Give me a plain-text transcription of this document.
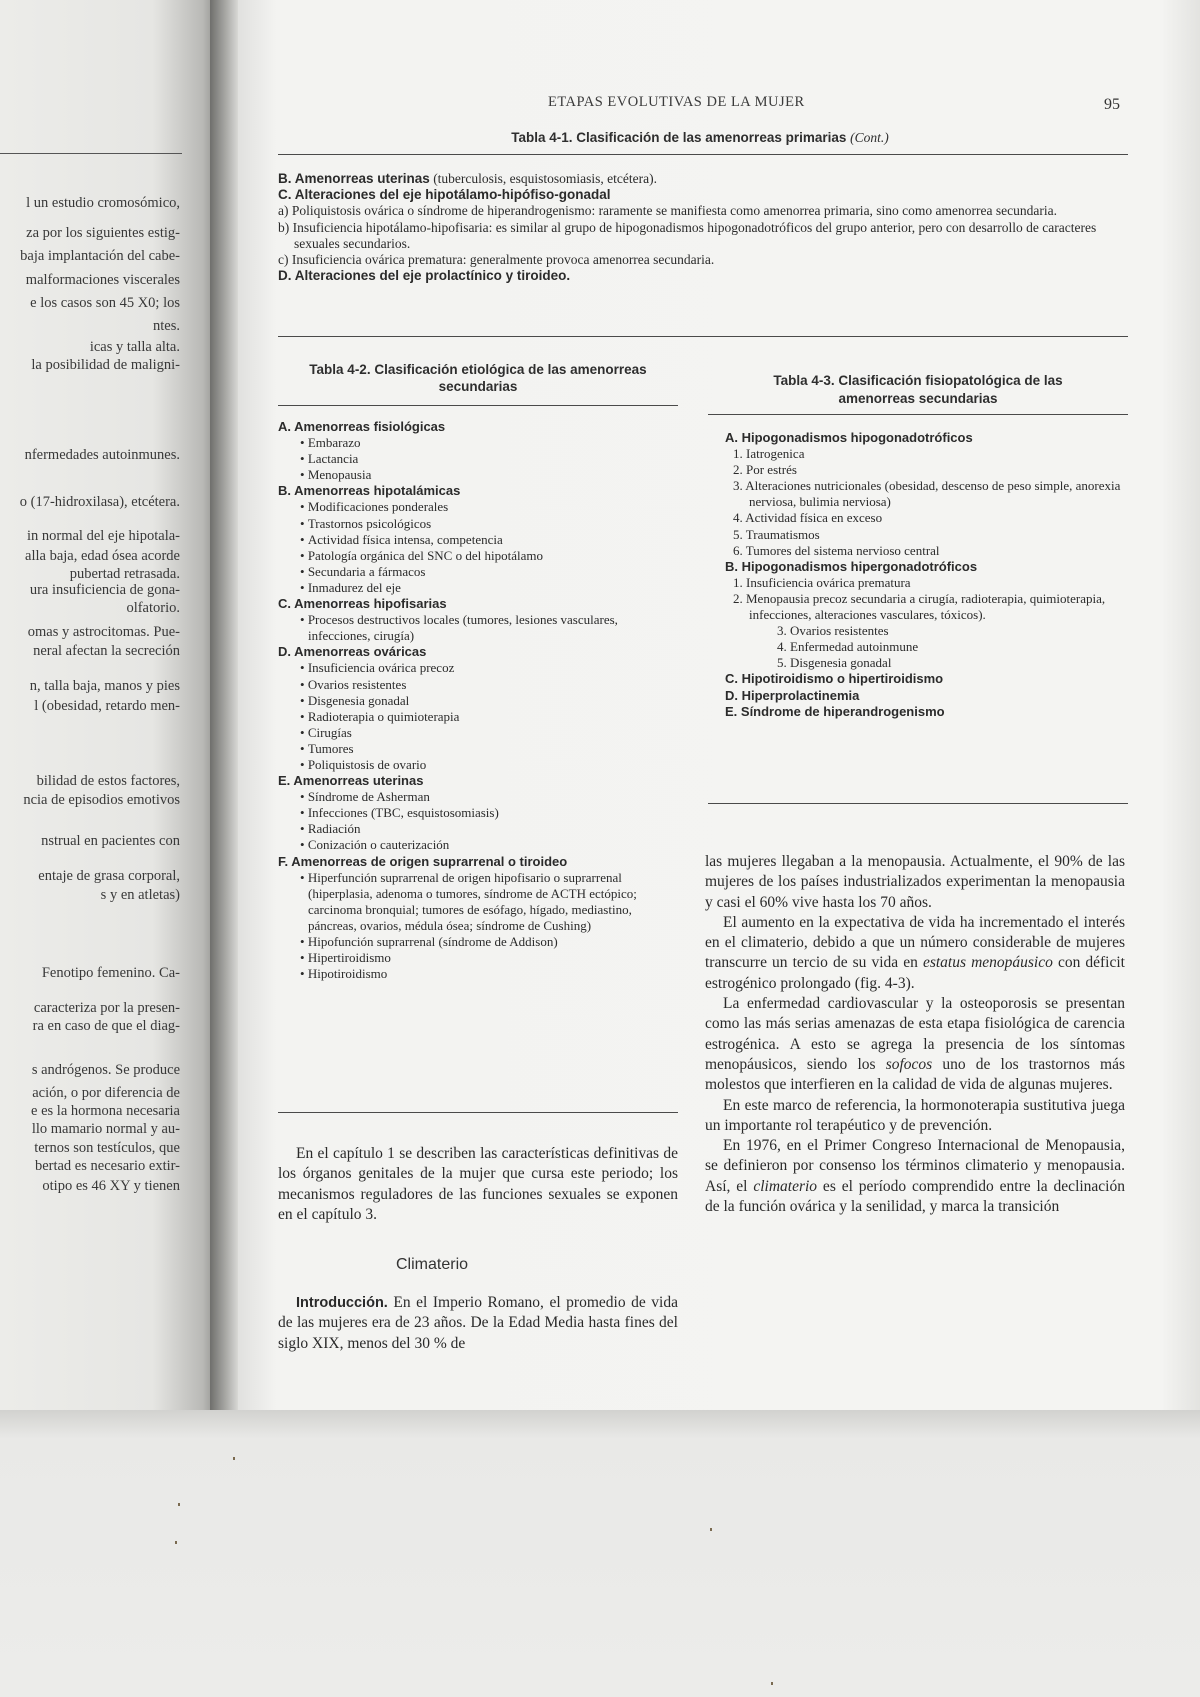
l un estudio cromosómico,
za por los siguientes estig-
baja implantación del cabe-
malformaciones viscerales
e los casos son 45 X0; los
ntes.
icas y talla alta.
la posibilidad de maligni-
nfermedades autoinmunes.
o (17-hidroxilasa), etcétera.
in normal del eje hipotala-
alla baja, edad ósea acorde
pubertad retrasada.
ura insuficiencia de gona-
olfatorio.
omas y astrocitomas. Pue-
neral afectan la secreción
n, talla baja, manos y pies
l (obesidad, retardo men-
bilidad de estos factores,
ncia de episodios emotivos
nstrual en pacientes con
entaje de grasa corporal,
s y en atletas)
Fenotipo femenino. Ca-
caracteriza por la presen-
ra en caso de que el diag-
s andrógenos. Se produce
ación, o por diferencia de
e es la hormona necesaria
llo mamario normal y au-
ternos son testículos, que
bertad es necesario extir-
otipo es 46 XY y tienen
ETAPAS EVOLUTIVAS DE LA MUJER	95
Tabla 4-1. Clasificación de las amenorreas primarias (Cont.)
B. Amenorreas uterinas (tuberculosis, esquistosomiasis, etcétera).
C. Alteraciones del eje hipotálamo-hipófiso-gonadal
a) Poliquistosis ovárica o síndrome de hiperandrogenismo: raramente se manifiesta como amenorrea primaria, sino como amenorrea secundaria.
b) Insuficiencia hipotálamo-hipofisaria: es similar al grupo de hipogonadismos hipogonadotróficos del grupo anterior, pero con desarrollo de caracteres sexuales secundarios.
c) Insuficiencia ovárica prematura: generalmente provoca amenorrea secundaria.
D. Alteraciones del eje prolactínico y tiroideo.
Tabla 4-2. Clasificación etiológica de las amenorreas
secundarias
A. Amenorreas fisiológicas
• Embarazo
• Lactancia
• Menopausia
B. Amenorreas hipotalámicas
• Modificaciones ponderales
• Trastornos psicológicos
• Actividad física intensa, competencia
• Patología orgánica del SNC o del hipotálamo
• Secundaria a fármacos
• Inmadurez del eje
C. Amenorreas hipofisarias
• Procesos destructivos locales (tumores, lesiones vasculares, infecciones, cirugía)
D. Amenorreas ováricas
• Insuficiencia ovárica precoz
• Ovarios resistentes
• Disgenesia gonadal
• Radioterapia o quimioterapia
• Cirugías
• Tumores
• Poliquistosis de ovario
E. Amenorreas uterinas
• Síndrome de Asherman
• Infecciones (TBC, esquistosomiasis)
• Radiación
• Conización o cauterización
F. Amenorreas de origen suprarrenal o tiroideo
• Hiperfunción suprarrenal de origen hipofisario o suprarrenal (hiperplasia, adenoma o tumores, síndrome de ACTH ectópico; carcinoma bronquial; tumores de esófago, hígado, mediastino, páncreas, ovarios, médula ósea; síndrome de Cushing)
• Hipofunción suprarrenal (síndrome de Addison)
• Hipertiroidismo
• Hipotiroidismo
Tabla 4-3. Clasificación fisiopatológica de las
amenorreas secundarias
A. Hipogonadismos hipogonadotróficos
1. Iatrogenica
2. Por estrés
3. Alteraciones nutricionales (obesidad, descenso de peso simple, anorexia nerviosa, bulimia nerviosa)
4. Actividad física en exceso
5. Traumatismos
6. Tumores del sistema nervioso central
B. Hipogonadismos hipergonadotróficos
1. Insuficiencia ovárica prematura
2. Menopausia precoz secundaria a cirugía, radioterapia, quimioterapia, infecciones, alteraciones vasculares, tóxicos).
3. Ovarios resistentes
4. Enfermedad autoinmune
5. Disgenesia gonadal
C. Hipotiroidismo o hipertiroidismo
D. Hiperprolactinemia
E. Síndrome de hiperandrogenismo

En el capítulo 1 se describen las características definitivas de los órganos genitales de la mujer que cursa este periodo; los mecanismos reguladores de las funciones sexuales se exponen en el capítulo 3.

Climaterio

Introducción. En el Imperio Romano, el promedio de vida de las mujeres era de 23 años. De la Edad Media hasta fines del siglo XIX, menos del 30 % de

las mujeres llegaban a la menopausia. Actualmente, el 90% de las mujeres de los países industrializados experimentan la menopausia y casi el 60% vive hasta los 70 años.

El aumento en la expectativa de vida ha incrementado el interés en el climaterio, debido a que un número considerable de mujeres transcurre un tercio de su vida en estatus menopáusico con déficit estrogénico prolongado (fig. 4-3).

La enfermedad cardiovascular y la osteoporosis se presentan como las más serias amenazas de esta etapa fisiológica de carencia estrogénica. A esto se agrega la presencia de los síntomas menopáusicos, siendo los sofocos uno de los trastornos más molestos que interfieren en la calidad de vida de algunas mujeres.

En este marco de referencia, la hormonoterapia sustitutiva juega un importante rol terapéutico y de prevención.

En 1976, en el Primer Congreso Internacional de Menopausia, se definieron por consenso los términos climaterio y menopausia. Así, el climaterio es el período comprendido entre la declinación de la función ovárica y la senilidad, y marca la transición
